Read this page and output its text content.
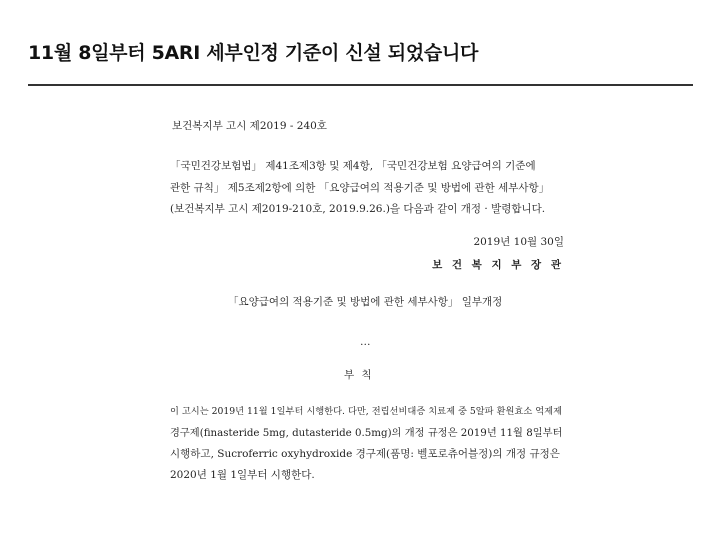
11월 8일부터 5ARI 세부인정 기준이 신설 되었습니다
보건복지부 고시 제2019 - 240호
「국민건강보험법」 제41조제3항 및 제4항, 「국민건강보험 요양급여의 기준에
관한 규칙」 제5조제2항에 의한 「요양급여의 적용기준 및 방법에 관한 세부사항」
(보건복지부 고시 제2019-210호, 2019.9.26.)을 다음과 같이 개정 · 발령합니다.
2019년 10월 30일
보 건 복 지 부 장 관
「요양급여의 적용기준 및 방법에 관한 세부사항」 일부개정
…
부 칙
이 고시는 2019년 11월 1일부터 시행한다. 다만, 전립선비대증 치료제 중 5알파 환원효소 억제제
경구제(finasteride 5mg, dutasteride 0.5mg)의 개정 규정은 2019년 11월 8일부터
시행하고, Sucroferric oxyhydroxide 경구제(품명: 벨포로츄어블정)의 개정 규정은
2020년 1월 1일부터 시행한다.
